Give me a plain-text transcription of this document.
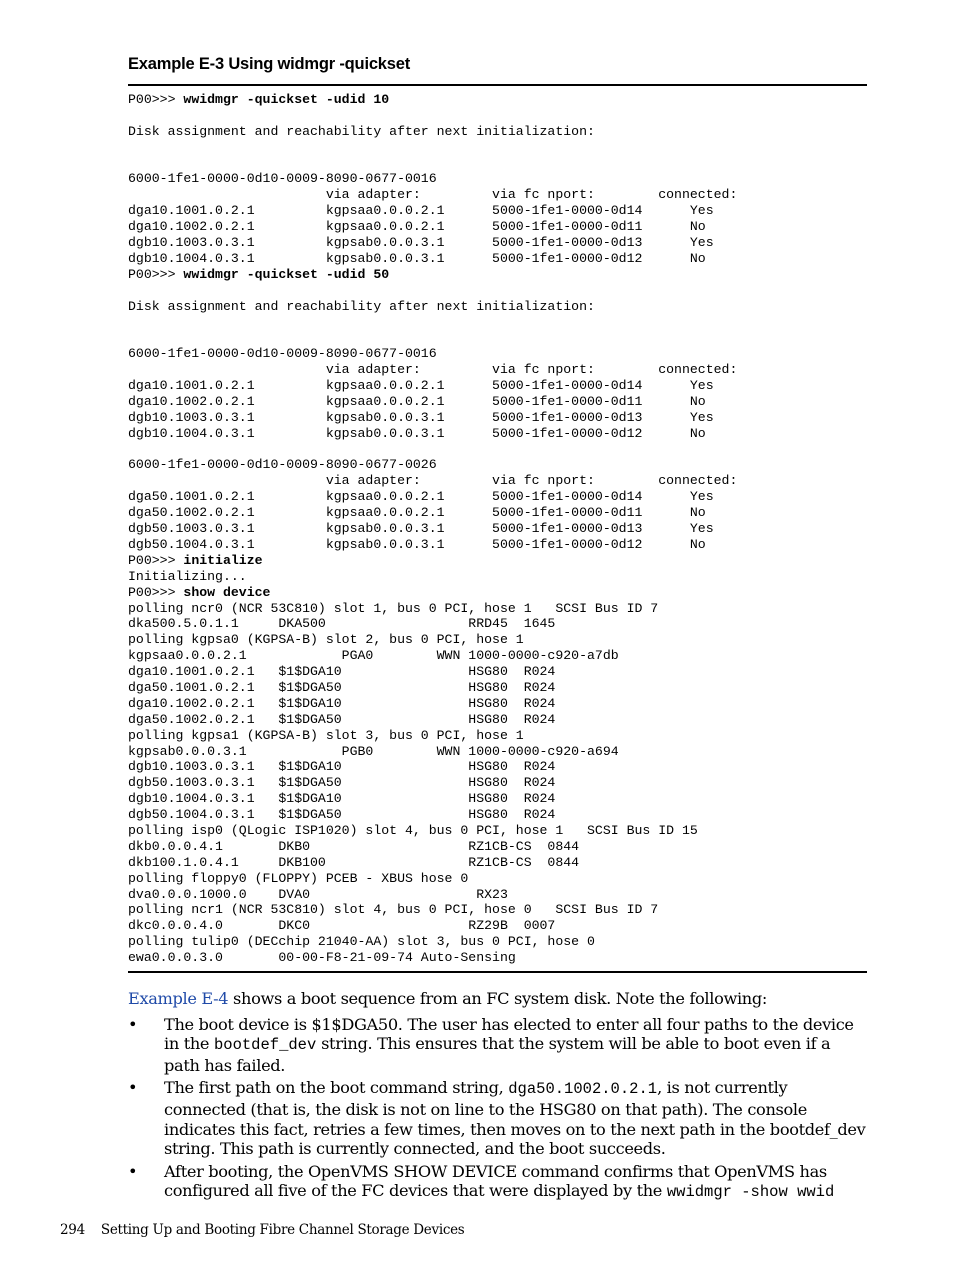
Example E-3 Using widmgr -quickset
P00>>> wwidmgr -quickset -udid 10
Disk assignment and reachability after next initialization:
6000-1fe1-0000-0d10-0009-8090-0677-0016
via adapter:         via fc nport:        connected:
dga10.1001.0.2.1         kgpsaa0.0.0.2.1      5000-1fe1-0000-0d14      Yes
dga10.1002.0.2.1         kgpsaa0.0.0.2.1      5000-1fe1-0000-0d11      No
dgb10.1003.0.3.1         kgpsab0.0.0.3.1      5000-1fe1-0000-0d13      Yes
dgb10.1004.0.3.1         kgpsab0.0.0.3.1      5000-1fe1-0000-0d12      No
P00>>> wwidmgr -quickset -udid 50
Disk assignment and reachability after next initialization:
6000-1fe1-0000-0d10-0009-8090-0677-0016
via adapter:         via fc nport:        connected:
dga10.1001.0.2.1         kgpsaa0.0.0.2.1      5000-1fe1-0000-0d14      Yes
dga10.1002.0.2.1         kgpsaa0.0.0.2.1      5000-1fe1-0000-0d11      No
dgb10.1003.0.3.1         kgpsab0.0.0.3.1      5000-1fe1-0000-0d13      Yes
dgb10.1004.0.3.1         kgpsab0.0.0.3.1      5000-1fe1-0000-0d12      No
6000-1fe1-0000-0d10-0009-8090-0677-0026
via adapter:         via fc nport:        connected:
dga50.1001.0.2.1         kgpsaa0.0.0.2.1      5000-1fe1-0000-0d14      Yes
dga50.1002.0.2.1         kgpsaa0.0.0.2.1      5000-1fe1-0000-0d11      No
dgb50.1003.0.3.1         kgpsab0.0.0.3.1      5000-1fe1-0000-0d13      Yes
dgb50.1004.0.3.1         kgpsab0.0.0.3.1      5000-1fe1-0000-0d12      No
P00>>> initialize
Initializing...
P00>>> show device
polling ncr0 (NCR 53C810) slot 1, bus 0 PCI, hose 1   SCSI Bus ID 7
dka500.5.0.1.1     DKA500                  RRD45  1645
polling kgpsa0 (KGPSA-B) slot 2, bus 0 PCI, hose 1
kgpsaa0.0.0.2.1            PGA0        WWN 1000-0000-c920-a7db
dga10.1001.0.2.1   $1$DGA10                HSG80  R024
dga50.1001.0.2.1   $1$DGA50                HSG80  R024
dga10.1002.0.2.1   $1$DGA10                HSG80  R024
dga50.1002.0.2.1   $1$DGA50                HSG80  R024
polling kgpsa1 (KGPSA-B) slot 3, bus 0 PCI, hose 1
kgpsab0.0.0.3.1            PGB0        WWN 1000-0000-c920-a694
dgb10.1003.0.3.1   $1$DGA10                HSG80  R024
dgb50.1003.0.3.1   $1$DGA50                HSG80  R024
dgb10.1004.0.3.1   $1$DGA10                HSG80  R024
dgb50.1004.0.3.1   $1$DGA50                HSG80  R024
polling isp0 (QLogic ISP1020) slot 4, bus 0 PCI, hose 1   SCSI Bus ID 15
dkb0.0.0.4.1       DKB0                    RZ1CB-CS  0844
dkb100.1.0.4.1     DKB100                  RZ1CB-CS  0844
polling floppy0 (FLOPPY) PCEB - XBUS hose 0
dva0.0.0.1000.0    DVA0                     RX23
polling ncr1 (NCR 53C810) slot 4, bus 0 PCI, hose 0   SCSI Bus ID 7
dkc0.0.0.4.0       DKC0                    RZ29B  0007
polling tulip0 (DECchip 21040-AA) slot 3, bus 0 PCI, hose 0
ewa0.0.0.3.0       00-00-F8-21-09-74 Auto-Sensing

Example E-4 shows a boot sequence from an FC system disk. Note the following:

• The boot device is $1$DGA50. The user has elected to enter all four paths to the device in the bootdef_dev string. This ensures that the system will be able to boot even if a path has failed.
• The first path on the boot command string, dga50.1002.0.2.1, is not currently connected (that is, the disk is not on line to the HSG80 on that path). The console indicates this fact, retries a few times, then moves on to the next path in the bootdef_dev string. This path is currently connected, and the boot succeeds.
• After booting, the OpenVMS SHOW DEVICE command confirms that OpenVMS has configured all five of the FC devices that were displayed by the wwidmgr -show wwid
294 Setting Up and Booting Fibre Channel Storage Devices
